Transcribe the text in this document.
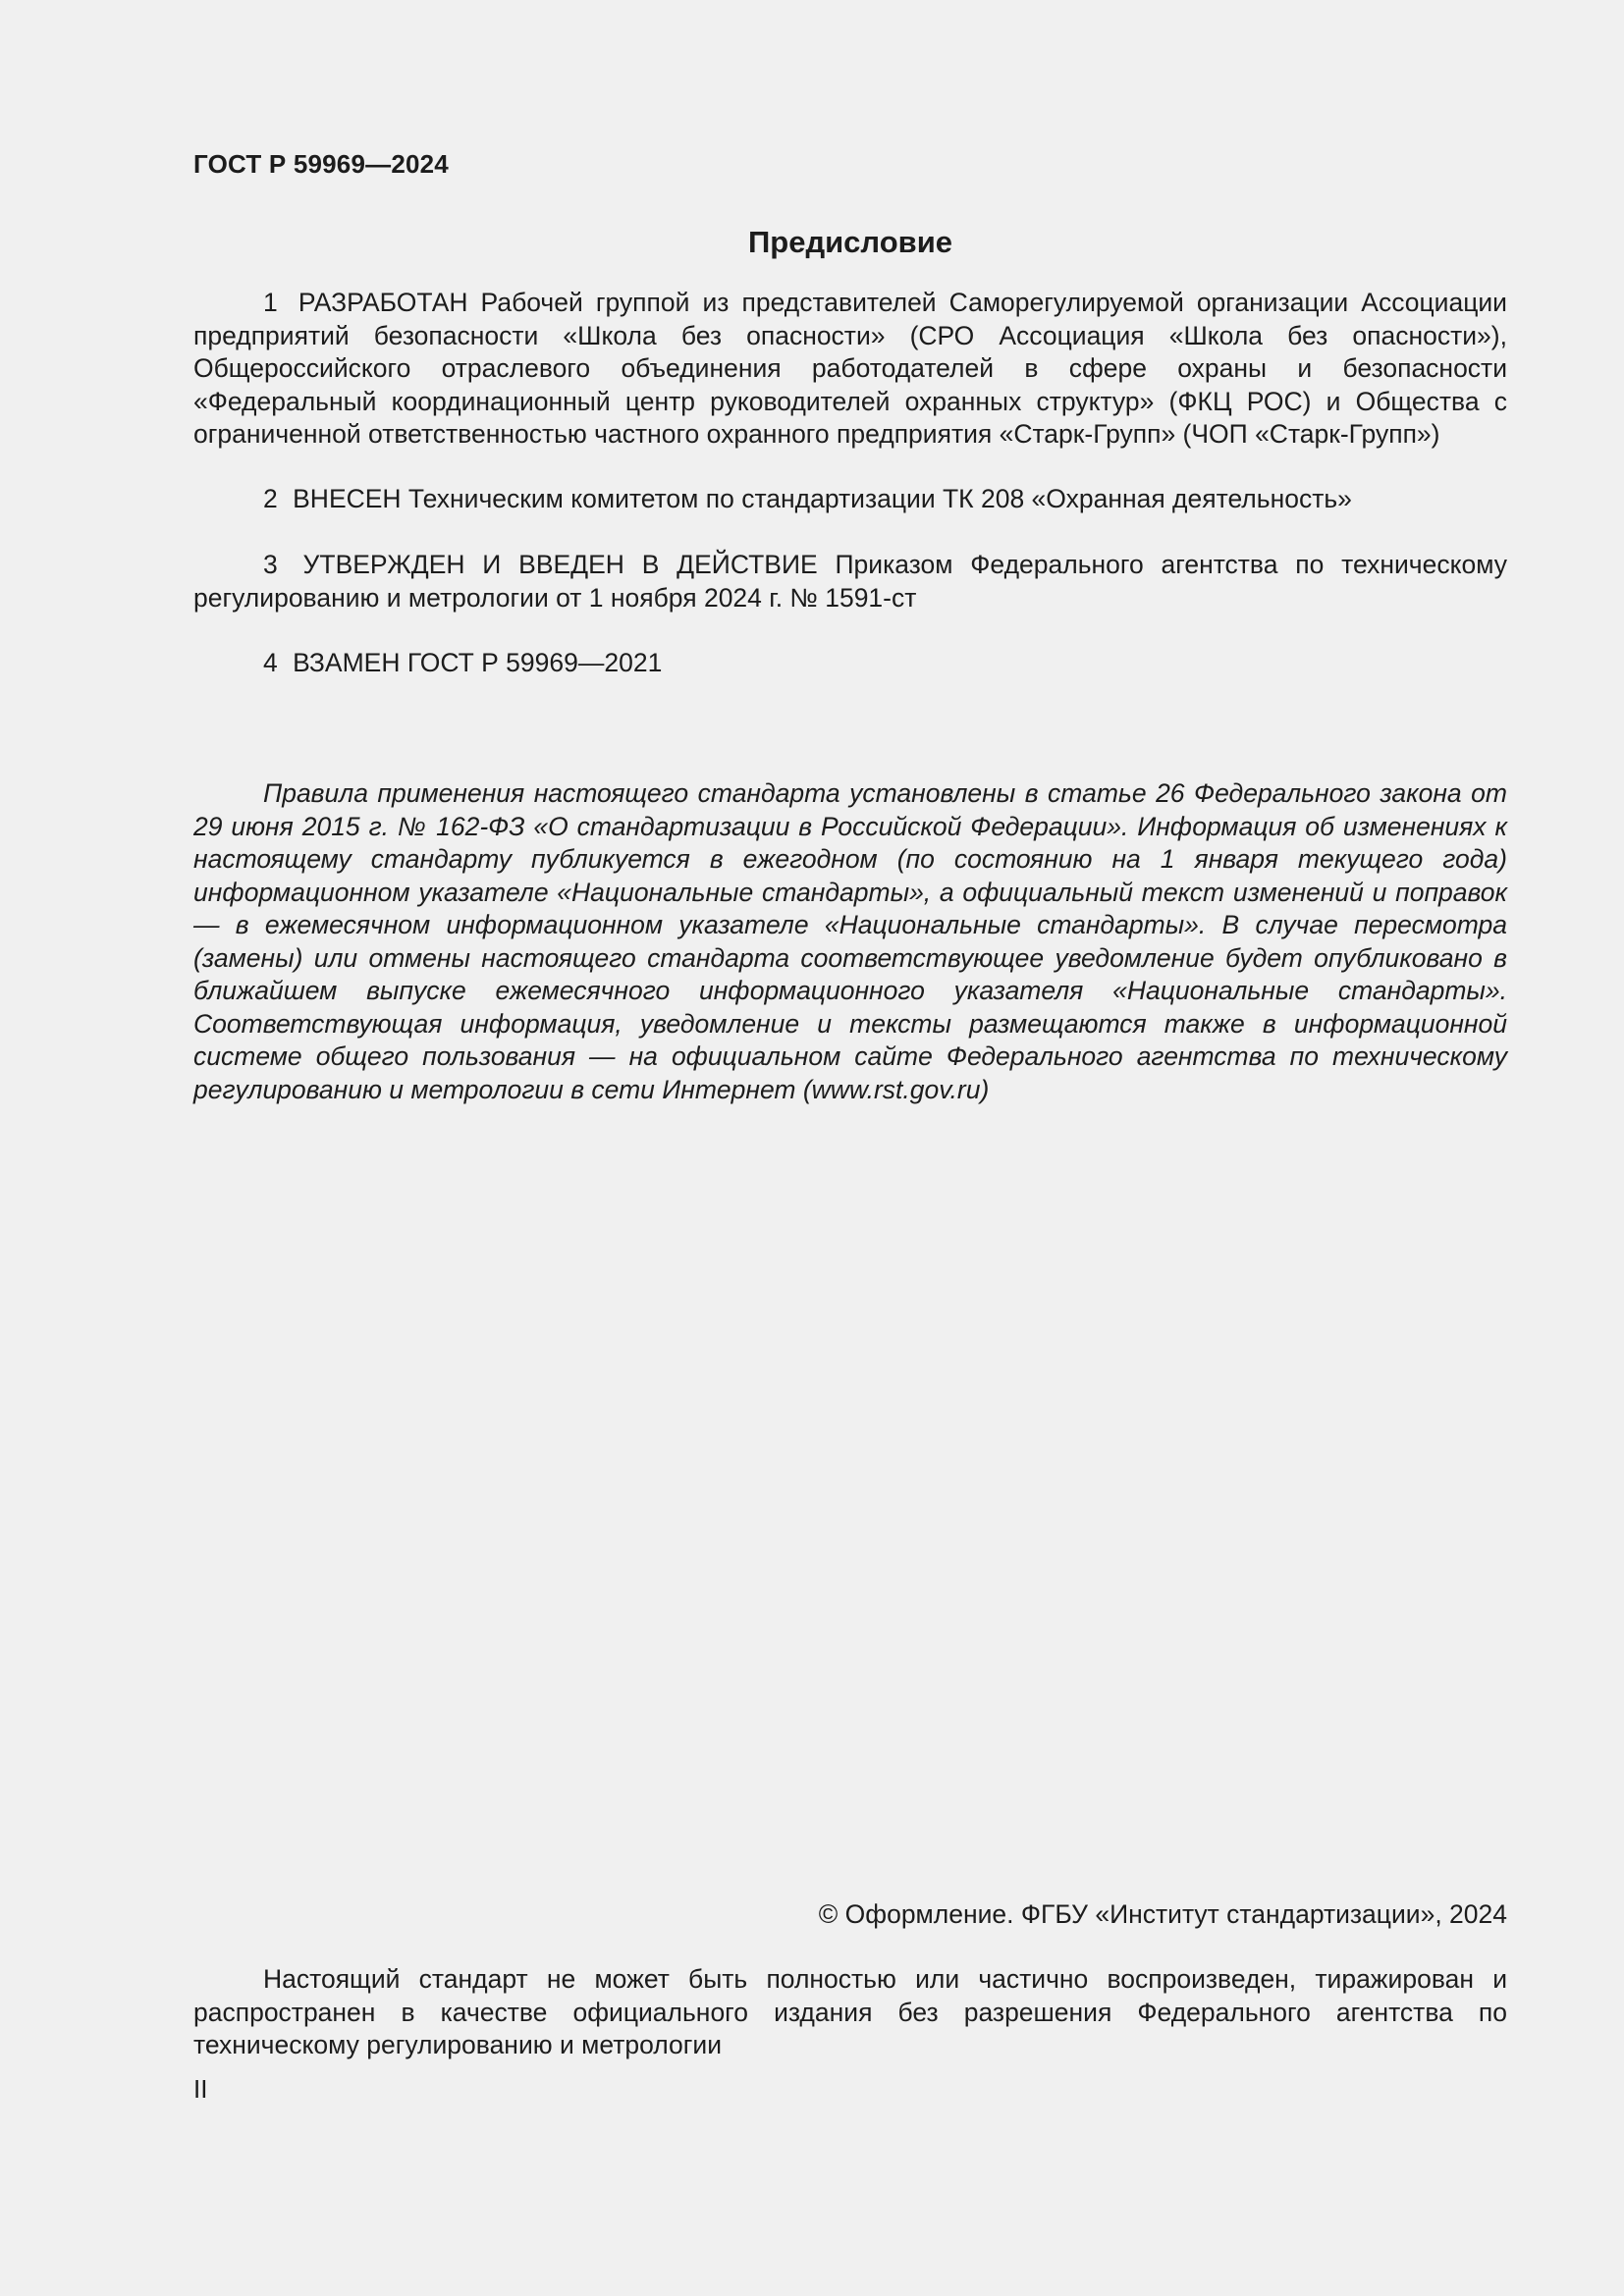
ГОСТ Р 59969—2024
Предисловие

1 РАЗРАБОТАН Рабочей группой из представителей Саморегулируемой организации Ассоциации предприятий безопасности «Школа без опасности» (СРО Ассоциация «Школа без опасности»), Общероссийского отраслевого объединения работодателей в сфере охраны и безопасности «Федеральный координационный центр руководителей охранных структур» (ФКЦ РОС) и Общества с ограниченной ответственностью частного охранного предприятия «Старк-Групп» (ЧОП «Старк-Групп»)

2 ВНЕСЕН Техническим комитетом по стандартизации ТК 208 «Охранная деятельность»

3 УТВЕРЖДЕН И ВВЕДЕН В ДЕЙСТВИЕ Приказом Федерального агентства по техническому регулированию и метрологии от 1 ноября 2024 г. № 1591-ст

4 ВЗАМЕН ГОСТ Р 59969—2021

Правила применения настоящего стандарта установлены в статье 26 Федерального закона от 29 июня 2015 г. № 162-ФЗ «О стандартизации в Российской Федерации». Информация об изменениях к настоящему стандарту публикуется в ежегодном (по состоянию на 1 января текущего года) информационном указателе «Национальные стандарты», а официальный текст изменений и поправок — в ежемесячном информационном указателе «Национальные стандарты». В случае пересмотра (замены) или отмены настоящего стандарта соответствующее уведомление будет опубликовано в ближайшем выпуске ежемесячного информационного указателя «Национальные стандарты». Соответствующая информация, уведомление и тексты размещаются также в информационной системе общего пользования — на официальном сайте Федерального агентства по техническому регулированию и метрологии в сети Интернет (www.rst.gov.ru)

© Оформление. ФГБУ «Институт стандартизации», 2024

Настоящий стандарт не может быть полностью или частично воспроизведен, тиражирован и распространен в качестве официального издания без разрешения Федерального агентства по техническому регулированию и метрологии

II
